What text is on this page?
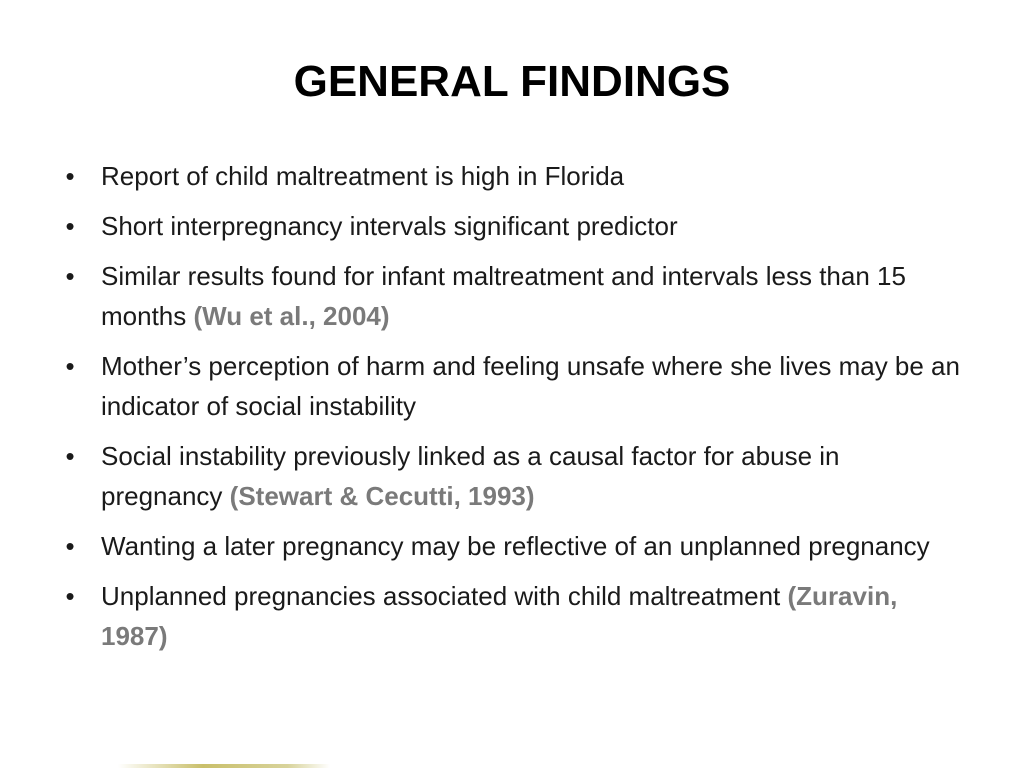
GENERAL FINDINGS
• Report of child maltreatment is high in Florida
• Short interpregnancy intervals significant predictor
• Similar results found for infant maltreatment and intervals less than 15 months (Wu et al., 2004)
• Mother’s perception of harm and feeling unsafe where she lives may be an indicator of social instability
• Social instability previously linked as a causal factor for abuse in pregnancy (Stewart & Cecutti, 1993)
• Wanting a later pregnancy may be reflective of an unplanned pregnancy
• Unplanned pregnancies associated with child maltreatment (Zuravin, 1987)
